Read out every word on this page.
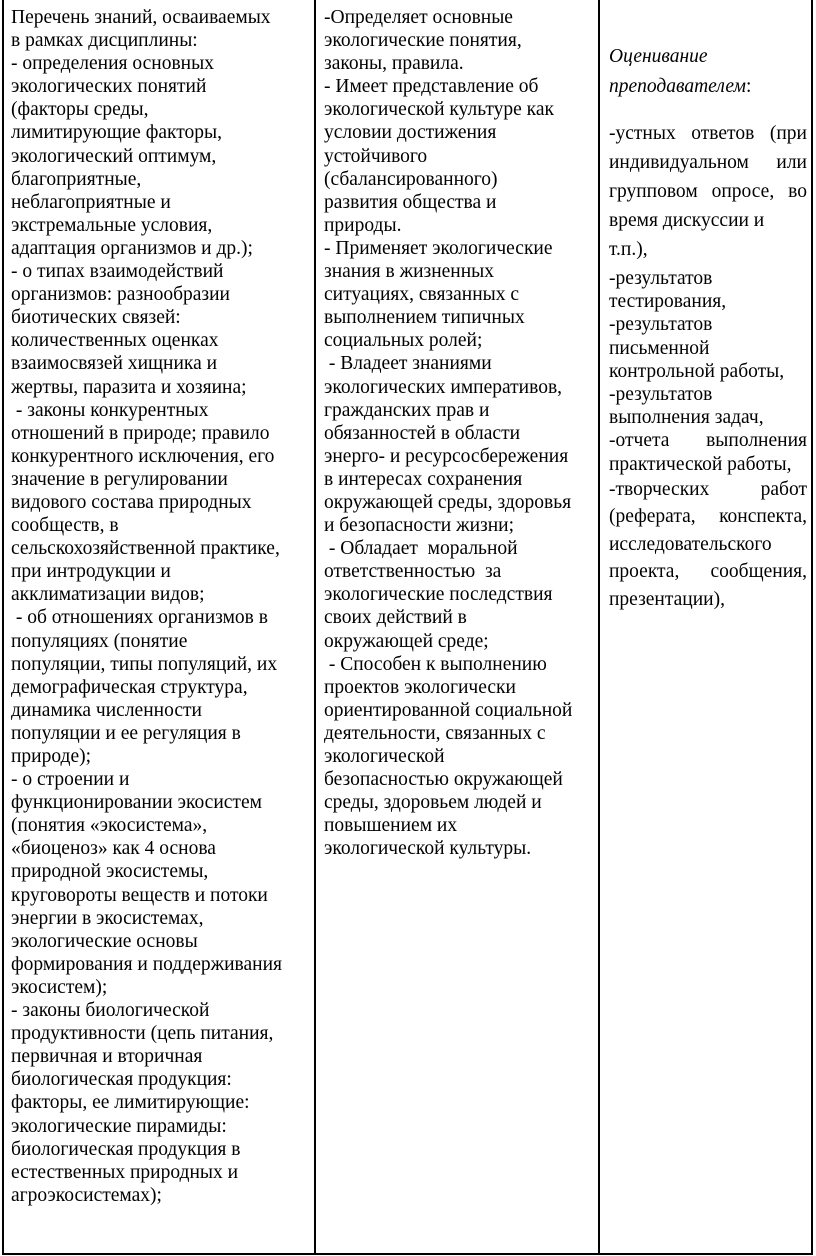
Перечень знаний, осваиваемых
в рамках дисциплины:
- определения основных
экологических понятий
(факторы среды,
лимитирующие факторы,
экологический оптимум,
благоприятные,
неблагоприятные и
экстремальные условия,
адаптация организмов и др.);
- о типах взаимодействий
организмов: разнообразии
биотических связей:
количественных оценках
взаимосвязей хищника и
жертвы, паразита и хозяина;
- законы конкурентных
отношений в природе; правило
конкурентного исключения, его
значение в регулировании
видового состава природных
сообществ, в
сельскохозяйственной практике,
при интродукции и
акклиматизации видов;
- об отношениях организмов в
популяциях (понятие
популяции, типы популяций, их
демографическая структура,
динамика численности
популяции и ее регуляция в
природе);
- о строении и
функционировании экосистем
(понятия «экосистема»,
«биоценоз» как 4 основа
природной экосистемы,
круговороты веществ и потоки
энергии в экосистемах,
экологические основы
формирования и поддерживания
экосистем);
- законы биологической
продуктивности (цепь питания,
первичная и вторичная
биологическая продукция:
факторы, ее лимитирующие:
экологические пирамиды:
биологическая продукция в
естественных природных и
агроэкосистемах);
-Определяет основные
экологические понятия,
законы, правила.
- Имеет представление об
экологической культуре как
условии достижения
устойчивого
(сбалансированного)
развития общества и
природы.
- Применяет экологические
знания в жизненных
ситуациях, связанных с
выполнением типичных
социальных ролей;
- Владеет знаниями
экологических императивов,
гражданских прав и
обязанностей в области
энерго- и ресурсосбережения
в интересах сохранения
окружающей среды, здоровья
и безопасности жизни;
- Обладает  моральной
ответственностью  за
экологические последствия
своих действий в
окружающей среде;
- Способен к выполнению
проектов экологически
ориентированной социальной
деятельности, связанных с
экологической
безопасностью окружающей
среды, здоровьем людей и
повышением их
экологической культуры.
Оценивание
преподавателем:
-устных ответов (при
индивидуальном или
групповом опросе, во
время дискуссии и
т.п.),
-результатов
тестирования,
-результатов
письменной
контрольной работы,
-результатов
выполнения задач,
-отчета выполнения
практической работы,
-творческих	работ
(реферата, конспекта,
исследовательского
проекта, сообщения,
презентации),
